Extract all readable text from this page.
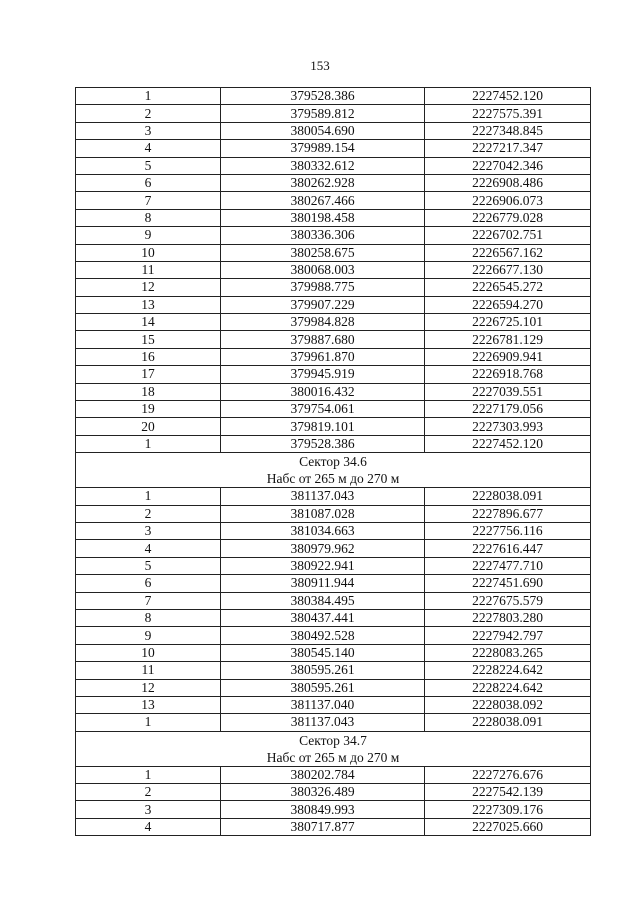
153
1	379528.386	2227452.120
2	379589.812	2227575.391
3	380054.690	2227348.845
4	379989.154	2227217.347
5	380332.612	2227042.346
6	380262.928	2226908.486
7	380267.466	2226906.073
8	380198.458	2226779.028
9	380336.306	2226702.751
10	380258.675	2226567.162
11	380068.003	2226677.130
12	379988.775	2226545.272
13	379907.229	2226594.270
14	379984.828	2226725.101
15	379887.680	2226781.129
16	379961.870	2226909.941
17	379945.919	2226918.768
18	380016.432	2227039.551
19	379754.061	2227179.056
20	379819.101	2227303.993
1	379528.386	2227452.120

Сектор 34.6
Набс от 265 м до 270 м		

1	381137.043	2228038.091
2	381087.028	2227896.677
3	381034.663	2227756.116
4	380979.962	2227616.447
5	380922.941	2227477.710
6	380911.944	2227451.690
7	380384.495	2227675.579
8	380437.441	2227803.280
9	380492.528	2227942.797
10	380545.140	2228083.265
11	380595.261	2228224.642
12	380595.261	2228224.642
13	381137.040	2228038.092
1	381137.043	2228038.091

Сектор 34.7
Набс от 265 м до 270 м		

1	380202.784	2227276.676
2	380326.489	2227542.139
3	380849.993	2227309.176
4	380717.877	2227025.660
